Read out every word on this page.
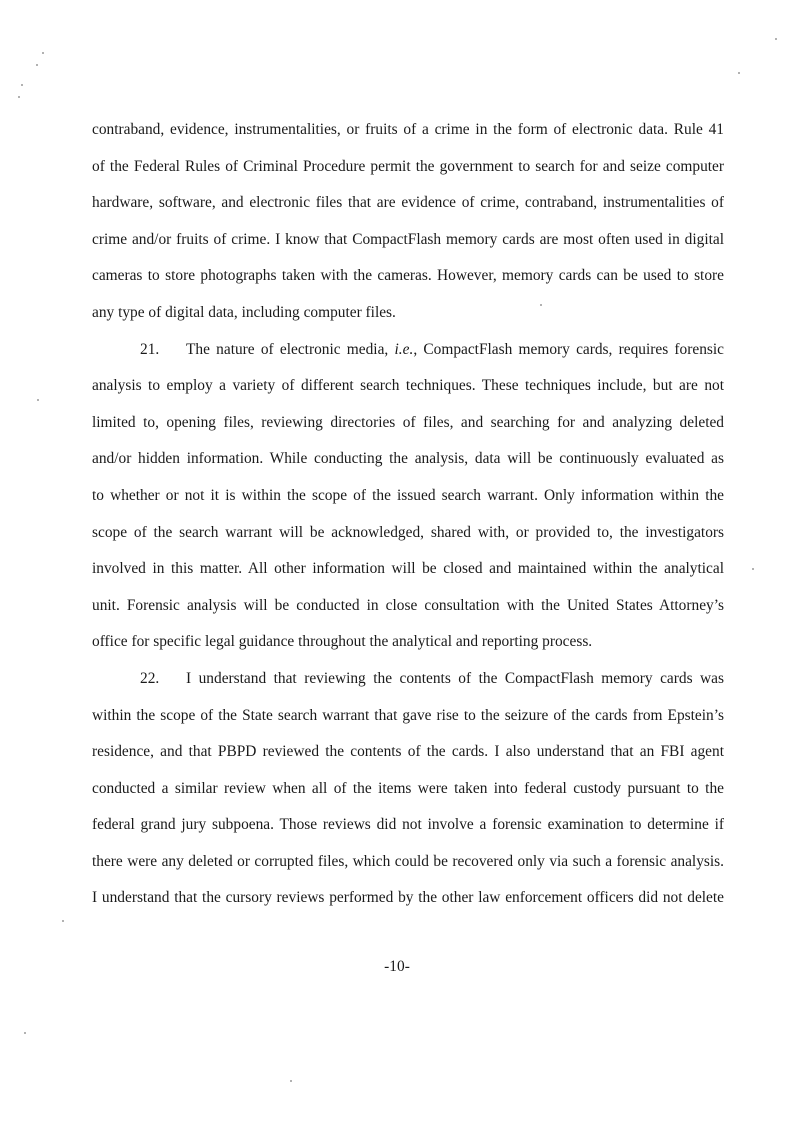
contraband, evidence, instrumentalities, or fruits of a crime in the form of electronic data. Rule 41
of the Federal Rules of Criminal Procedure permit the government to search for and seize computer
hardware, software, and electronic files that are evidence of crime, contraband, instrumentalities of
crime and/or fruits of crime. I know that CompactFlash memory cards are most often used in digital
cameras to store photographs taken with the cameras. However, memory cards can be used to store
any type of digital data, including computer files.
21. The nature of electronic media, i.e., CompactFlash memory cards, requires forensic
analysis to employ a variety of different search techniques. These techniques include, but are not
limited to, opening files, reviewing directories of files, and searching for and analyzing deleted
and/or hidden information. While conducting the analysis, data will be continuously evaluated as
to whether or not it is within the scope of the issued search warrant. Only information within the
scope of the search warrant will be acknowledged, shared with, or provided to, the investigators
involved in this matter. All other information will be closed and maintained within the analytical
unit. Forensic analysis will be conducted in close consultation with the United States Attorney’s
office for specific legal guidance throughout the analytical and reporting process.
22. I understand that reviewing the contents of the CompactFlash memory cards was
within the scope of the State search warrant that gave rise to the seizure of the cards from Epstein’s
residence, and that PBPD reviewed the contents of the cards. I also understand that an FBI agent
conducted a similar review when all of the items were taken into federal custody pursuant to the
federal grand jury subpoena. Those reviews did not involve a forensic examination to determine if
there were any deleted or corrupted files, which could be recovered only via such a forensic analysis.
I understand that the cursory reviews performed by the other law enforcement officers did not delete
-10-
